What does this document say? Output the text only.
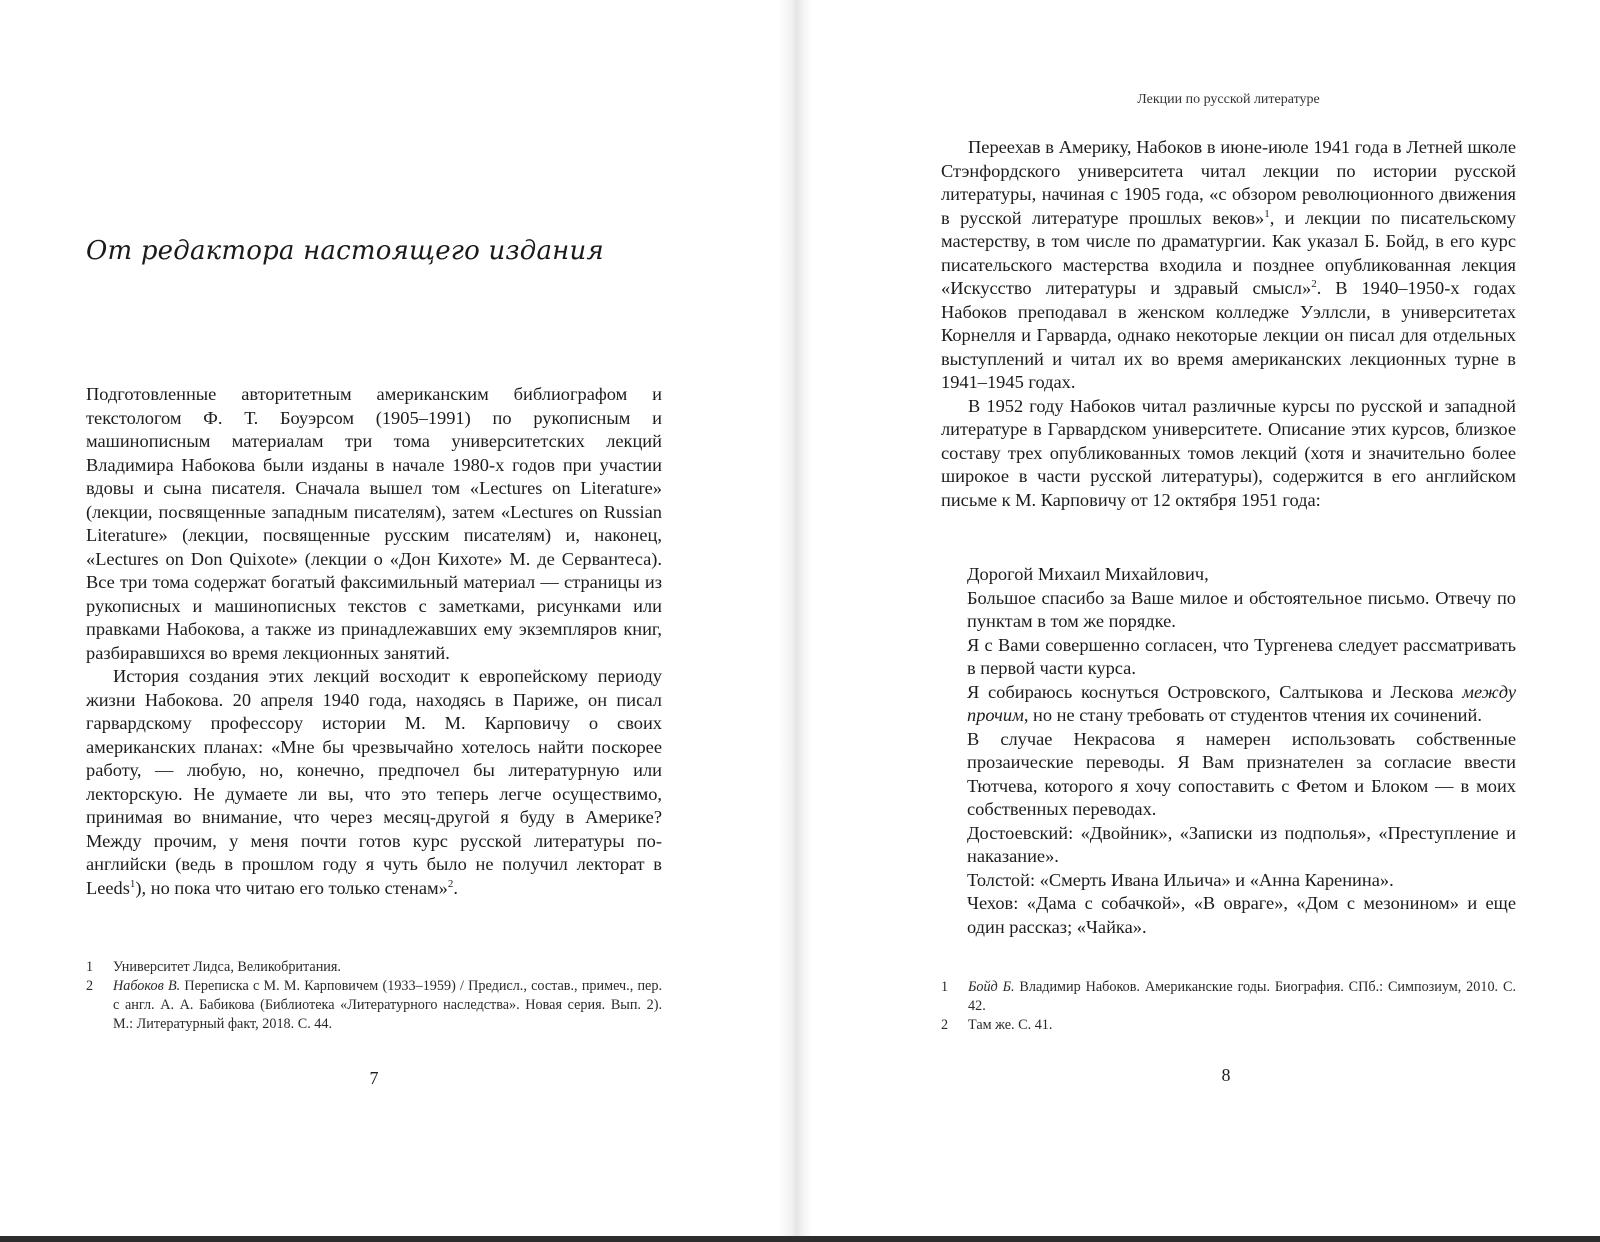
От редактора настоящего издания

Подготовленные авторитетным американским библиографом и текстологом Ф. Т. Боуэрсом (1905–1991) по рукописным и машинописным материалам три тома университетских лекций Владимира Набокова были изданы в начале 1980-х годов при участии вдовы и сына писателя. Сначала вышел том «Lectures on Literature» (лекции, посвященные западным писателям), затем «Lectures on Russian Literature» (лекции, посвященные русским писателям) и, наконец, «Lectures on Don Quixote» (лекции о «Дон Кихоте» М. де Сервантеса). Все три тома содержат богатый факсимильный материал — страницы из рукописных и машинописных текстов с заметками, рисунками или правками Набокова, а также из принадлежавших ему экземпляров книг, разбиравшихся во время лекционных занятий.

История создания этих лекций восходит к европейскому периоду жизни Набокова. 20 апреля 1940 года, находясь в Париже, он писал гарвардскому профессору истории М. М. Карповичу о своих американских планах: «Мне бы чрезвычайно хотелось найти поскорее работу, — любую, но, конечно, предпочел бы литературную или лекторскую. Не думаете ли вы, что это теперь легче осуществимо, принимая во внимание, что через месяц-другой я буду в Америке? Между прочим, у меня почти готов курс русской литературы по-английски (ведь в прошлом году я чуть было не получил лекторат в Leeds$^1$), но пока что читаю его только стенам»$^2$.

1	Университет Лидса, Великобритания.
2	Набоков В. Переписка с М. М. Карповичем (1933–1959) / Предисл., состав., примеч., пер. с англ. А. А. Бабикова (Библиотека «Литературного наследства». Новая серия. Вып. 2). М.: Литературный факт, 2018. С. 44.
7
Лекции по русской литературе

Переехав в Америку, Набоков в июне-июле 1941 года в Летней школе Стэнфордского университета читал лекции по истории русской литературы, начиная с 1905 года, «с обзором революционного движения в русской литературе прошлых веков»$^1$, и лекции по писательскому мастерству, в том числе по драматургии. Как указал Б. Бойд, в его курс писательского мастерства входила и позднее опубликованная лекция «Искусство литературы и здравый смысл»$^2$. В 1940–1950-х годах Набоков преподавал в женском колледже Уэллсли, в университетах Корнелля и Гарварда, однако некоторые лекции он писал для отдельных выступлений и читал их во время американских лекционных турне в 1941–1945 годах.

В 1952 году Набоков читал различные курсы по русской и западной литературе в Гарвардском университете. Описание этих курсов, близкое составу трех опубликованных томов лекций (хотя и значительно более широкое в части русской литературы), содержится в его английском письме к М. Карповичу от 12 октября 1951 года:

Дорогой Михаил Михайлович,

Большое спасибо за Ваше милое и обстоятельное письмо. Отвечу по пунктам в том же порядке.

Я с Вами совершенно согласен, что Тургенева следует рассматривать в первой части курса.

Я собираюсь коснуться Островского, Салтыкова и Лескова между прочим, но не стану требовать от студентов чтения их сочинений.

В случае Некрасова я намерен использовать собственные прозаические переводы. Я Вам признателен за согласие ввести Тютчева, которого я хочу сопоставить с Фетом и Блоком — в моих собственных переводах.

Достоевский: «Двойник», «Записки из подполья», «Преступление и наказание».

Толстой: «Смерть Ивана Ильича» и «Анна Каренина».

Чехов: «Дама с собачкой», «В овраге», «Дом с мезонином» и еще один рассказ; «Чайка».

1	Бойд Б. Владимир Набоков. Американские годы. Биография. СПб.: Симпозиум, 2010. С. 42.
2	Там же. С. 41.
8
